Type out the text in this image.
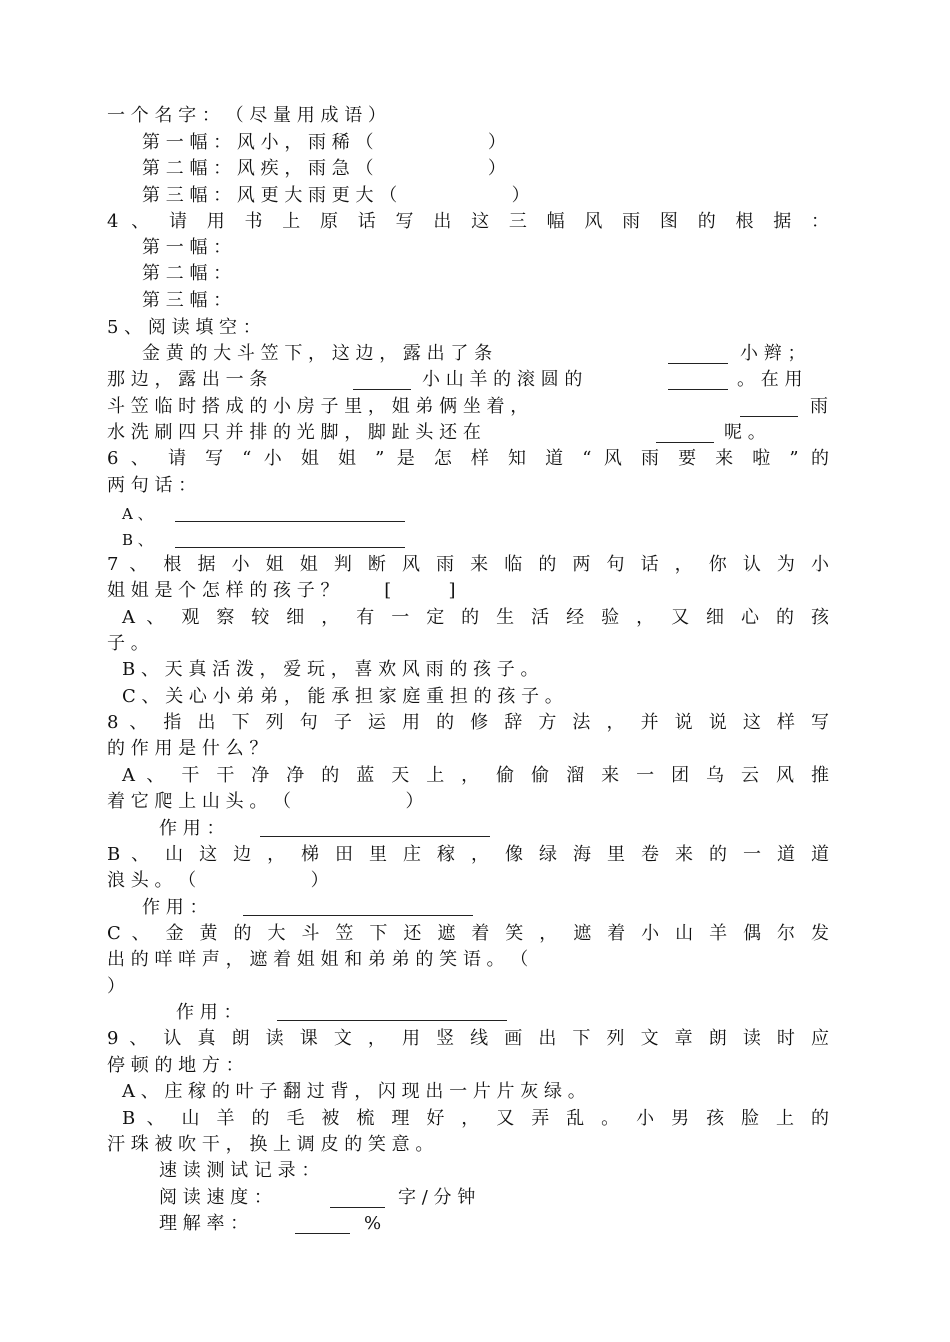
一 个 名 字 ： （ 尽 量 用 成 语 ）
第 一 幅 ： 风 小 ， 雨 稀 （                    ）
第 二 幅 ： 风 疾 ， 雨 急 （                    ）
第 三 幅 ： 风 更 大 雨 更 大 （                    ）
4 、 请 用 书 上 原 话 写 出 这 三 幅 风 雨 图 的 根 据 ：
第 一 幅 ：
第 二 幅 ：
第 三 幅 ：
5 、 阅 读 填 空 ：
金 黄 的 大 斗 笠 下 ， 这 边 ， 露 出 了 条	小 辫 ；
那 边 ， 露 出 一 条	小 山 羊 的 滚 圆 的	。 在 用
斗 笠 临 时 搭 成 的 小 房 子 里 ， 姐 弟 俩 坐 着 ，	雨
水 洗 刷 四 只 并 排 的 光 脚 ， 脚 趾 头 还 在	呢 。
6 、 请 写 “ 小 姐 姐 ” 是 怎 样 知 道 “ 风 雨 要 来 啦 ” 的
两 句 话 ：
A 、
B 、
7 、 根 据 小 姐 姐 判 断 风 雨 来 临 的 两 句 话 ， 你 认 为 小
姐 姐 是 个 怎 样 的 孩 子 ？        [          ]
A 、 观 察 较 细 ， 有 一 定 的 生 活 经 验 ， 又 细 心 的 孩
子 。
B 、 天 真 活 泼 ， 爱 玩 ， 喜 欢 风 雨 的 孩 子 。
C 、 关 心 小 弟 弟 ， 能 承 担 家 庭 重 担 的 孩 子 。
8 、 指 出 下 列 句 子 运 用 的 修 辞 方 法 ， 并 说 说 这 样 写
的 作 用 是 什 么 ？
A 、 干 干 净 净 的 蓝 天 上 ， 偷 偷 溜 来 一 团 乌 云 风 推
着 它 爬 上 山 头 。 （                    ）
作 用 ：
B 、 山 这 边 ， 梯 田 里 庄 稼 ， 像 绿 海 里 卷 来 的 一 道 道
浪 头 。 （                    ）
作 用 ：
C 、 金 黄 的 大 斗 笠 下 还 遮 着 笑 ， 遮 着 小 山 羊 偶 尔 发
出 的 咩 咩 声 ， 遮 着 姐 姐 和 弟 弟 的 笑 语 。 （
）
作 用 ：
9 、 认 真 朗 读 课 文 ， 用 竖 线 画 出 下 列 文 章 朗 读 时 应
停 顿 的 地 方 ：
A 、 庄 稼 的 叶 子 翻 过 背 ， 闪 现 出 一 片 片 灰 绿 。
B 、 山 羊 的 毛 被 梳 理 好 ， 又 弄 乱 。 小 男 孩 脸 上 的
汗 珠 被 吹 干 ， 换 上 调 皮 的 笑 意 。
速 读 测 试 记 录 ：
阅 读 速 度 ：	字 / 分 钟
理 解 率 ：	%
